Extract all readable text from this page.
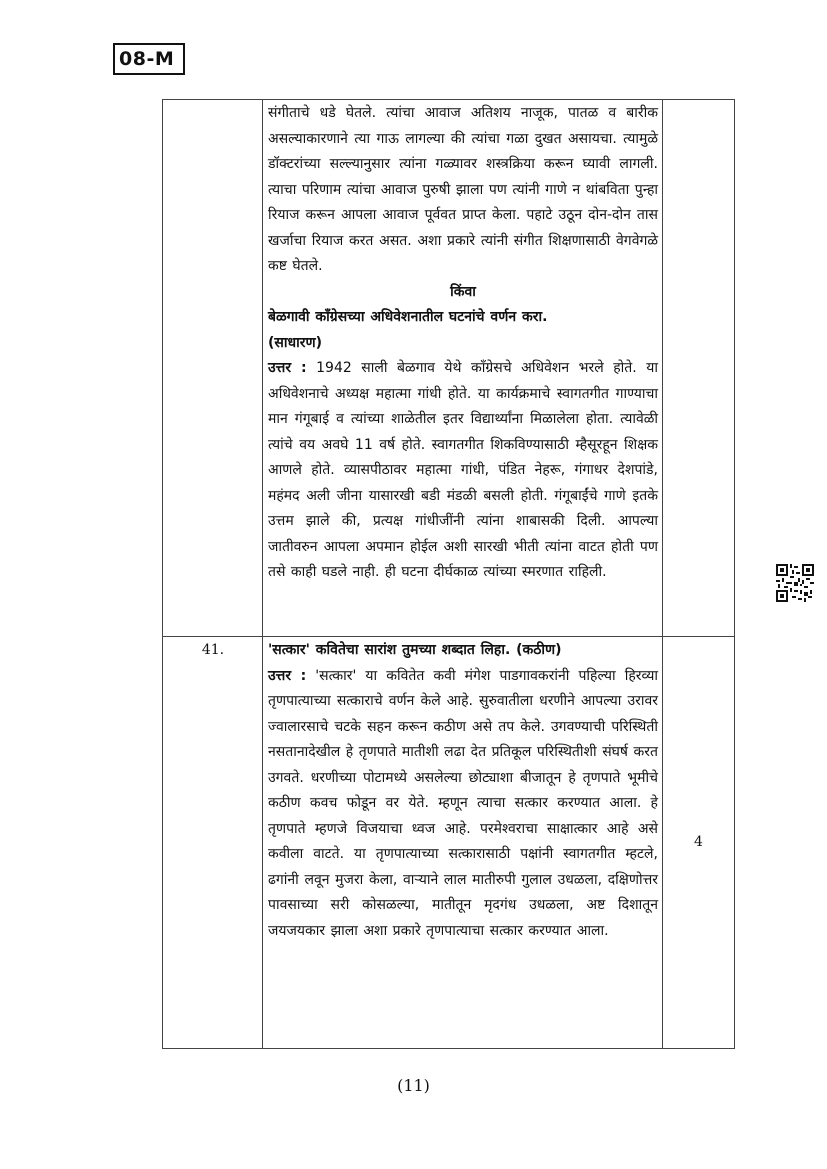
08-M

संगीताचे धडे घेतले. त्यांचा आवाज अतिशय नाजूक, पातळ व बारीक असल्याकारणाने त्या गाऊ लागल्या की त्यांचा गळा दुखत असायचा. त्यामुळे डॉक्टरांच्या सल्ल्यानुसार त्यांना गळ्यावर शस्त्रक्रिया करून घ्यावी लागली. त्याचा परिणाम त्यांचा आवाज पुरुषी झाला पण त्यांनी गाणे न थांबविता पुन्हा रियाज करून आपला आवाज पूर्ववत प्राप्त केला. पहाटे उठून दोन-दोन तास खर्जाचा रियाज करत असत. अशा प्रकारे त्यांनी संगीत शिक्षणासाठी वेगवेगळे कष्ट घेतले.

किंवा

बेळगावी काँग्रेसच्या अधिवेशनातील घटनांचे वर्णन करा.

(साधारण)

उत्तर : 1942 साली बेळगाव येथे काँग्रेसचे अधिवेशन भरले होते. या अधिवेशनाचे अध्यक्ष महात्मा गांधी होते. या कार्यक्रमाचे स्वागतगीत गाण्याचा मान गंगूबाई व त्यांच्या शाळेतील इतर विद्यार्थ्यांना मिळालेला होता. त्यावेळी त्यांचे वय अवघे 11 वर्ष होते. स्वागतगीत शिकविण्यासाठी म्हैसूरहून शिक्षक आणले होते. व्यासपीठावर महात्मा गांधी, पंडित नेहरू, गंगाधर देशपांडे, महंमद अली जीना यासारखी बडी मंडळी बसली होती. गंगूबाईंचे गाणे इतके उत्तम झाले की, प्रत्यक्ष गांधीजींनी त्यांना शाबासकी दिली. आपल्या जातीवरुन आपला अपमान होईल अशी सारखी भीती त्यांना वाटत होती पण तसे काही घडले नाही. ही घटना दीर्घकाळ त्यांच्या स्मरणात राहिली.

41.	'सत्कार' कवितेचा सारांश तुमच्या शब्दात लिहा. (कठीण)

उत्तर : 'सत्कार' या कवितेत कवी मंगेश पाडगावकरांनी पहिल्या हिरव्या तृणपात्याच्या सत्काराचे वर्णन केले आहे. सुरुवातीला धरणीने आपल्या उरावर ज्वालारसाचे चटके सहन करून कठीण असे तप केले. उगवण्याची परिस्थिती नसतानादेखील हे तृणपाते मातीशी लढा देत प्रतिकूल परिस्थितीशी संघर्ष करत उगवते. धरणीच्या पोटामध्ये असलेल्या छोट्याशा बीजातून हे तृणपाते भूमीचे कठीण कवच फोडून वर येते. म्हणून त्याचा सत्कार करण्यात आला. हे तृणपाते म्हणजे विजयाचा ध्वज आहे. परमेश्वराचा साक्षात्कार आहे असे कवीला वाटते. या तृणपात्याच्या सत्कारासाठी पक्षांनी स्वागतगीत म्हटले, ढगांनी लवून मुजरा केला, वाऱ्याने लाल मातीरुपी गुलाल उधळला, दक्षिणोत्तर पावसाच्या सरी कोसळल्या, मातीतून मृदगंध उधळला, अष्ट दिशातून जयजयकार झाला अशा प्रकारे तृणपात्याचा सत्कार करण्यात आला.

4
(11)
